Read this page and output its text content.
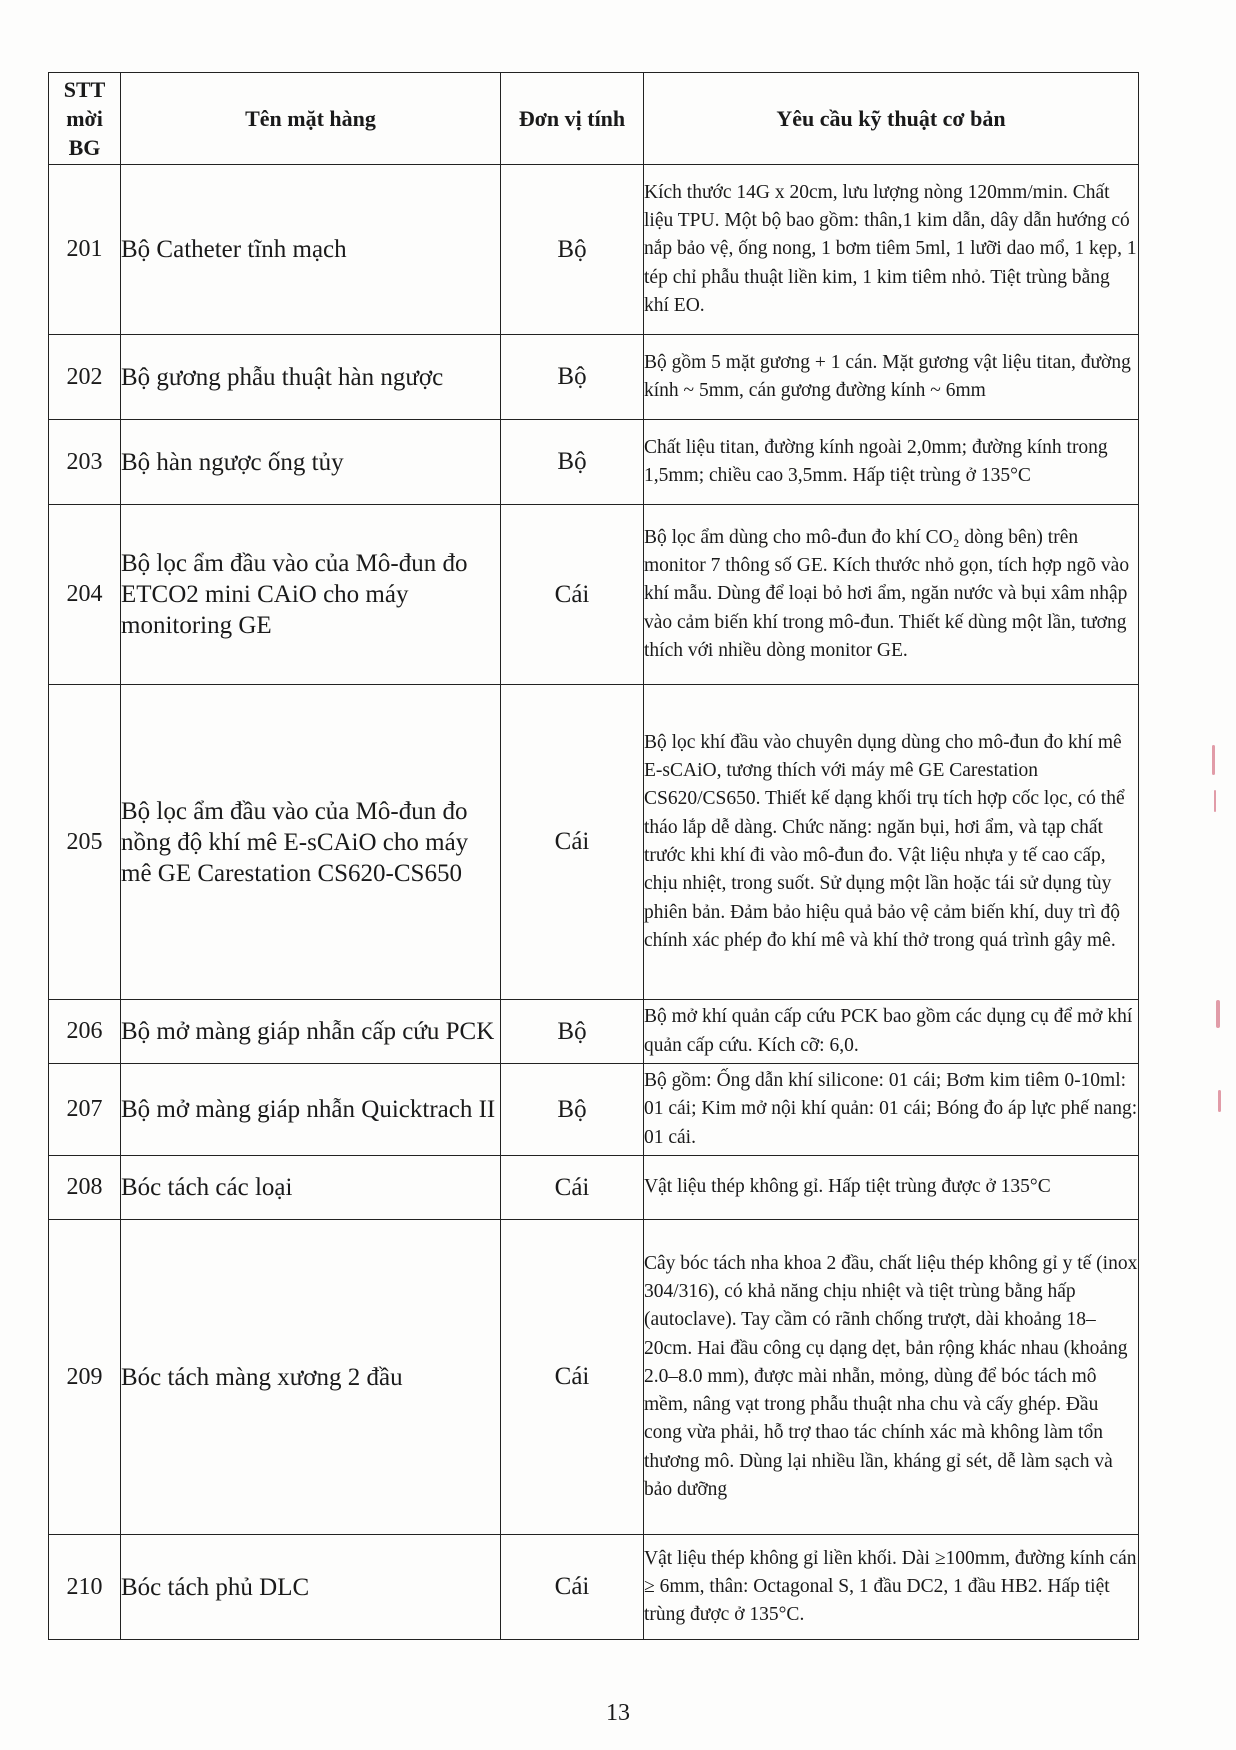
STT mời BG	Tên mặt hàng	Đơn vị tính	Yêu cầu kỹ thuật cơ bản
201	Bộ Catheter tĩnh mạch	Bộ	Kích thước 14G x 20cm, lưu lượng nòng 120mm/min. Chất liệu TPU. Một bộ bao gồm: thân,1 kim dẫn, dây dẫn hướng có nắp bảo vệ, ống nong, 1 bơm tiêm 5ml, 1 lưỡi dao mổ, 1 kẹp, 1 tép chỉ phẫu thuật liền kim, 1 kim tiêm nhỏ. Tiệt trùng bằng khí EO.
202	Bộ gương phẫu thuật hàn ngược	Bộ	Bộ gồm 5 mặt gương + 1 cán. Mặt gương vật liệu titan, đường kính ~ 5mm, cán gương đường kính ~ 6mm
203	Bộ hàn ngược ống tủy	Bộ	Chất liệu titan, đường kính ngoài 2,0mm; đường kính trong 1,5mm; chiều cao 3,5mm. Hấp tiệt trùng ở 135°C
204	Bộ lọc ẩm đầu vào của Mô-đun đo ETCO2 mini CAiO cho máy monitoring GE	Cái	Bộ lọc ẩm dùng cho mô-đun đo khí CO₂ dòng bên) trên monitor 7 thông số GE. Kích thước nhỏ gọn, tích hợp ngõ vào khí mẫu. Dùng để loại bỏ hơi ẩm, ngăn nước và bụi xâm nhập vào cảm biến khí trong mô-đun. Thiết kế dùng một lần, tương thích với nhiều dòng monitor GE.
205	Bộ lọc ẩm đầu vào của Mô-đun đo nồng độ khí mê E-sCAiO cho máy mê GE Carestation CS620-CS650	Cái	Bộ lọc khí đầu vào chuyên dụng dùng cho mô-đun đo khí mê E-sCAiO, tương thích với máy mê GE Carestation CS620/CS650. Thiết kế dạng khối trụ tích hợp cốc lọc, có thể tháo lắp dễ dàng. Chức năng: ngăn bụi, hơi ẩm, và tạp chất trước khi khí đi vào mô-đun đo. Vật liệu nhựa y tế cao cấp, chịu nhiệt, trong suốt. Sử dụng một lần hoặc tái sử dụng tùy phiên bản. Đảm bảo hiệu quả bảo vệ cảm biến khí, duy trì độ chính xác phép đo khí mê và khí thở trong quá trình gây mê.
206	Bộ mở màng giáp nhẫn cấp cứu PCK	Bộ	Bộ mở khí quản cấp cứu PCK bao gồm các dụng cụ để mở khí quản cấp cứu. Kích cỡ: 6,0.
207	Bộ mở màng giáp nhẫn Quicktrach II	Bộ	Bộ gồm: Ống dẫn khí silicone: 01 cái; Bơm kim tiêm 0-10ml: 01 cái; Kim mở nội khí quản: 01 cái; Bóng đo áp lực phế nang: 01 cái.
208	Bóc tách các loại	Cái	Vật liệu thép không gỉ. Hấp tiệt trùng được ở 135°C
209	Bóc tách màng xương 2 đầu	Cái	Cây bóc tách nha khoa 2 đầu, chất liệu thép không gỉ y tế (inox 304/316), có khả năng chịu nhiệt và tiệt trùng bằng hấp (autoclave). Tay cầm có rãnh chống trượt, dài khoảng 18–20cm. Hai đầu công cụ dạng dẹt, bản rộng khác nhau (khoảng 2.0–8.0 mm), được mài nhẵn, mỏng, dùng để bóc tách mô mềm, nâng vạt trong phẫu thuật nha chu và cấy ghép. Đầu cong vừa phải, hỗ trợ thao tác chính xác mà không làm tổn thương mô. Dùng lại nhiều lần, kháng gỉ sét, dễ làm sạch và bảo dưỡng
210	Bóc tách phủ DLC	Cái	Vật liệu thép không gỉ liền khối. Dài ≥100mm, đường kính cán ≥ 6mm, thân: Octagonal S, 1 đầu DC2, 1 đầu HB2. Hấp tiệt trùng được ở 135°C.
13
